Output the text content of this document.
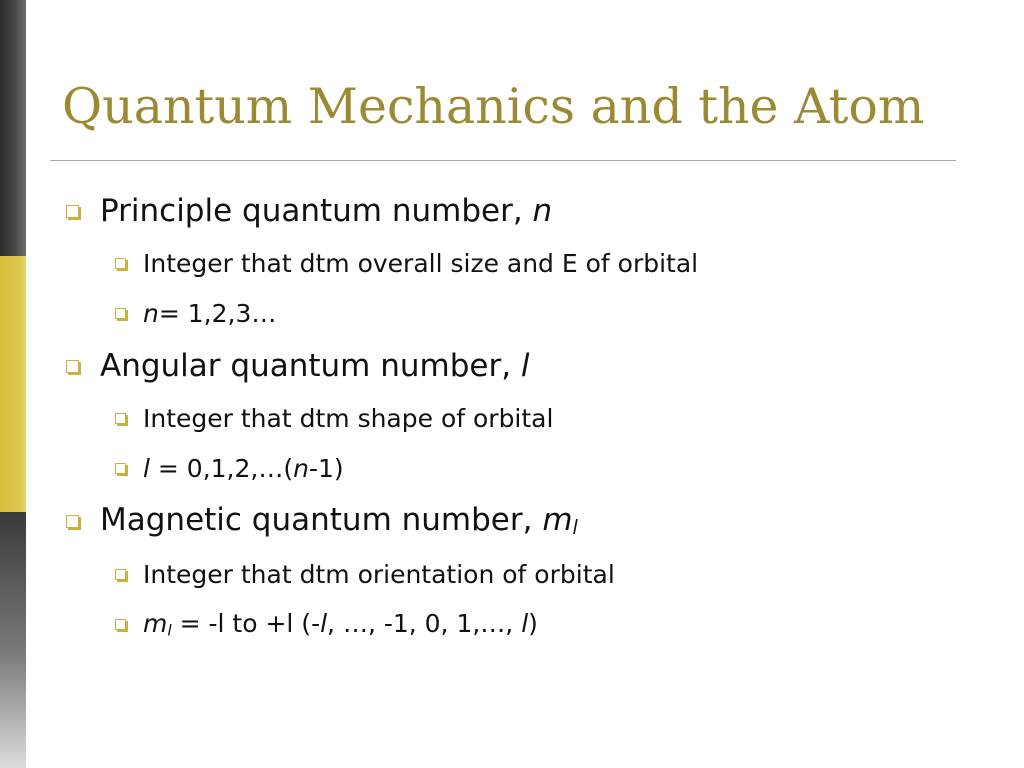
Quantum Mechanics and the Atom
Principle quantum number, n
Integer that dtm overall size and E of orbital
n= 1,2,3…
Angular quantum number, l
Integer that dtm shape of orbital
l = 0,1,2,…(n-1)
Magnetic quantum number, $m_l$
Integer that dtm orientation of orbital
$m_l = -l$ to +l (-l, …, -1, 0, 1,…, l)
